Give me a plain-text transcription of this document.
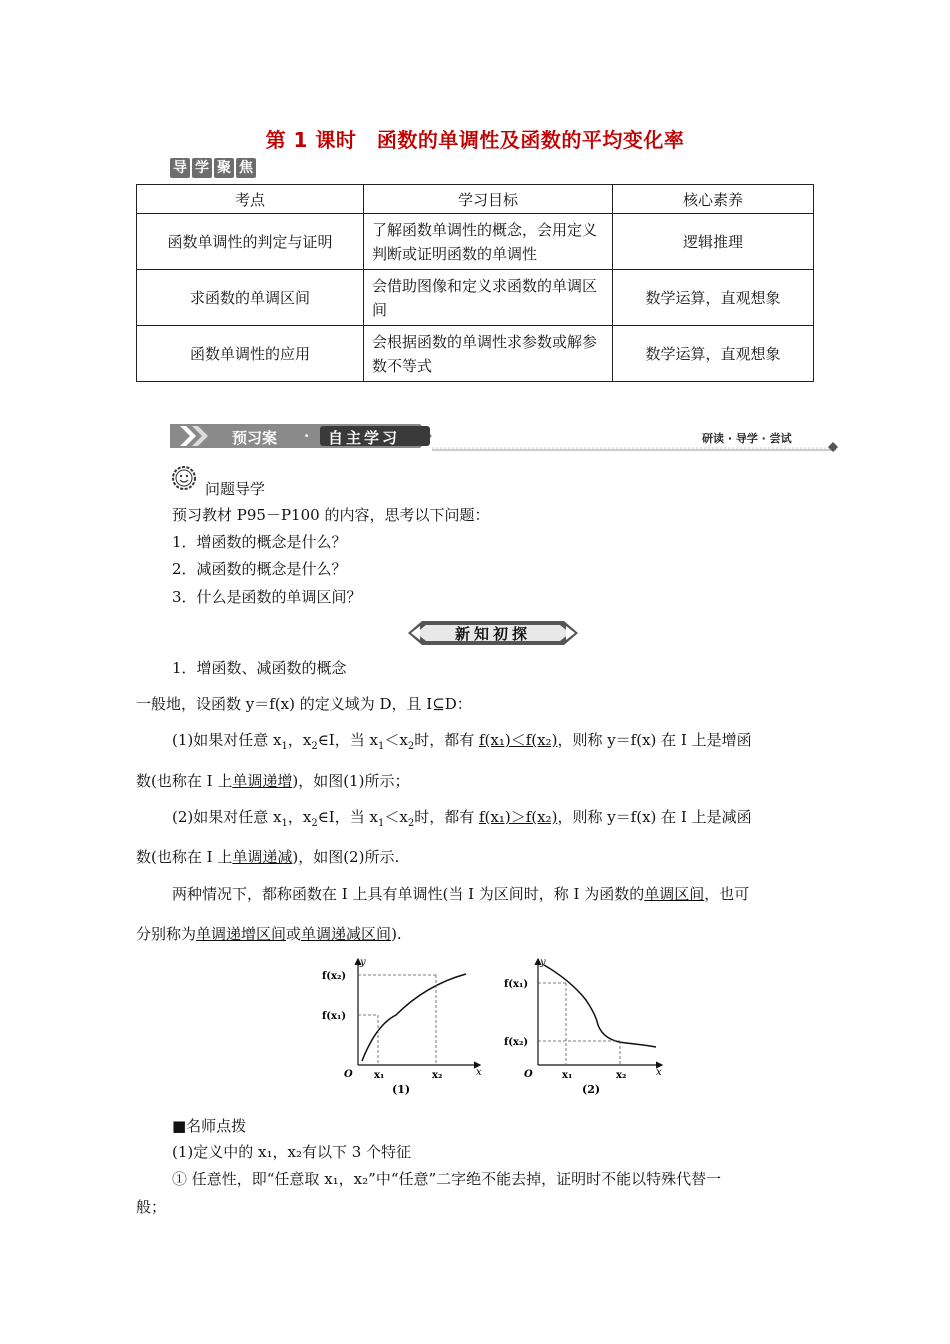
第 1 课时　函数的单调性及函数的平均变化率
导 学 聚 焦
考点	学习目标	核心素养
函数单调性的判定与证明	了解函数单调性的概念，会用定义判断或证明函数的单调性	逻辑推理
求函数的单调区间	会借助图像和定义求函数的单调区间	数学运算，直观想象
函数单调性的应用	会根据函数的单调性求参数或解参数不等式	数学运算，直观想象
预习案 · 自主学习	研读 · 导学 · 尝试
问题导学
预习教材 P95－P100 的内容，思考以下问题：
1．增函数的概念是什么？
2．减函数的概念是什么？
3．什么是函数的单调区间？
新知初探
1．增函数、减函数的概念
一般地，设函数 y＝f(x) 的定义域为 D，且 I⊆D：
(1)如果对任意 $x_1$，$x_2\in I$，当 $x_1<x_2$时，都有 f(x₁)＜f(x₂)，则称 y＝f(x) 在 I 上是增函
数(也称在 I 上单调递增)，如图(1)所示；
(2)如果对任意 $x_1$，$x_2\in I$，当 $x_1<x_2$时，都有 f(x₁)＞f(x₂)，则称 y＝f(x) 在 I 上是减函
数(也称在 I 上单调递减)，如图(2)所示.
两种情况下，都称函数在 I 上具有单调性(当 I 为区间时，称 I 为函数的单调区间，也可
分别称为单调递增区间或单调递减区间).
y
x
O
f(x₂)
f(x₁)
x₁	x₂
(1)
y
x
O
f(x₁)
f(x₂)
x₁	x₂
(2)
■名师点拨
(1)定义中的 x₁，x₂有以下 3 个特征
① 任意性，即“任意取 x₁，x₂”中“任意”二字绝不能去掉，证明时不能以特殊代替一
般；
